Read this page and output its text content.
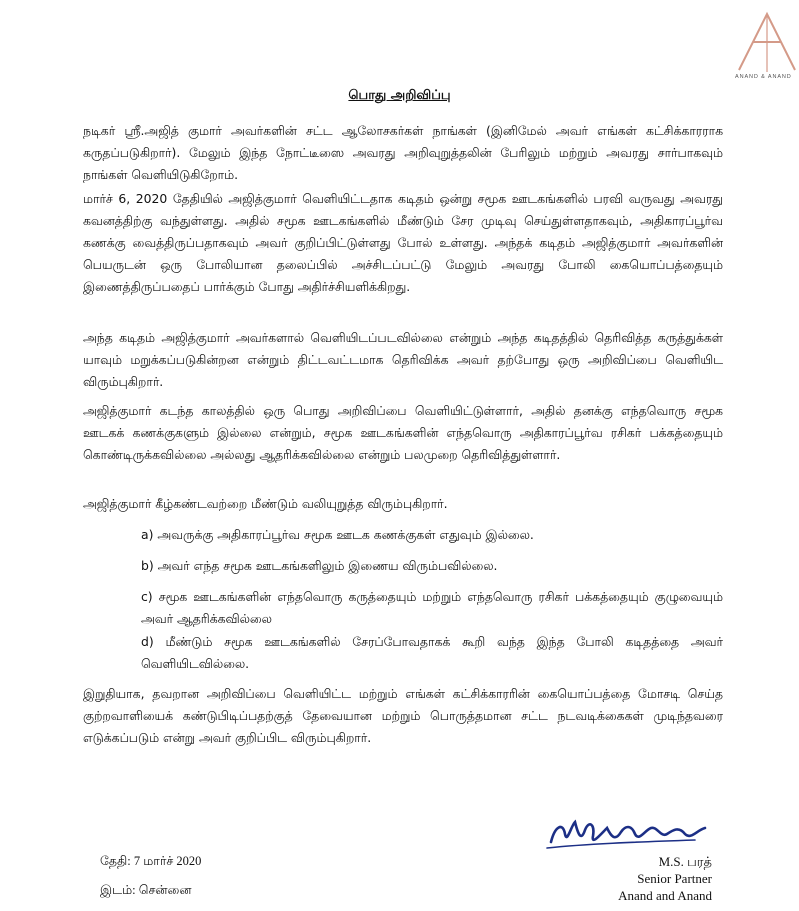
ANAND & ANAND
பொது அறிவிப்பு
நடிகர் ஸ்ரீ.அஜித் குமார் அவர்களின் சட்ட ஆலோசகர்கள் நாங்கள் (இனிமேல் அவர் எங்கள் கட்சிக்காரராக கருதப்படுகிறார்). மேலும் இந்த நோட்டீஸை அவரது அறிவுறுத்தலின் பேரிலும் மற்றும் அவரது சார்பாகவும் நாங்கள் வெளியிடுகிறோம்.
மார்ச் 6, 2020 தேதியில் அஜித்குமார் வெளியிட்டதாக கடிதம் ஒன்று சமூக ஊடகங்களில் பரவி வருவது அவரது கவனத்திற்கு வந்துள்ளது. அதில் சமூக ஊடகங்களில் மீண்டும் சேர முடிவு செய்துள்ளதாகவும், அதிகாரப்பூர்வ கணக்கு வைத்திருப்பதாகவும் அவர் குறிப்பிட்டுள்ளது போல் உள்ளது. அந்தக் கடிதம் அஜித்குமார் அவர்களின் பெயருடன் ஒரு போலியான தலைப்பில் அச்சிடப்பட்டு மேலும் அவரது போலி கையொப்பத்தையும் இணைத்திருப்பதைப் பார்க்கும் போது அதிர்ச்சியளிக்கிறது.
அந்த கடிதம் அஜித்குமார் அவர்களால் வெளியிடப்படவில்லை என்றும் அந்த கடிதத்தில் தெரிவித்த கருத்துக்கள் யாவும் மறுக்கப்படுகின்றன என்றும் திட்டவட்டமாக தெரிவிக்க அவர் தற்போது ஒரு அறிவிப்பை வெளியிட விரும்புகிறார்.
அஜித்குமார் கடந்த காலத்தில் ஒரு பொது அறிவிப்பை வெளியிட்டுள்ளார், அதில் தனக்கு எந்தவொரு சமூக ஊடகக் கணக்குகளும் இல்லை என்றும், சமூக ஊடகங்களின் எந்தவொரு அதிகாரப்பூர்வ ரசிகர் பக்கத்தையும் கொண்டிருக்கவில்லை அல்லது ஆதரிக்கவில்லை என்றும் பலமுறை தெரிவித்துள்ளார்.
அஜித்குமார் கீழ்கண்டவற்றை மீண்டும் வலியுறுத்த விரும்புகிறார்.
a) அவருக்கு அதிகாரப்பூர்வ சமூக ஊடக கணக்குகள் எதுவும் இல்லை.
b) அவர் எந்த சமூக ஊடகங்களிலும் இணைய விரும்பவில்லை.
c) சமூக ஊடகங்களின் எந்தவொரு கருத்தையும் மற்றும் எந்தவொரு ரசிகர் பக்கத்தையும் குழுவையும் அவர் ஆதரிக்கவில்லை
d) மீண்டும் சமூக ஊடகங்களில் சேரப்போவதாகக் கூறி வந்த இந்த போலி கடிதத்தை அவர் வெளியிடவில்லை.
இறுதியாக, தவறான அறிவிப்பை வெளியிட்ட மற்றும் எங்கள் கட்சிக்காரரின் கையொப்பத்தை மோசடி செய்த குற்றவாளியைக் கண்டுபிடிப்பதற்குத் தேவையான மற்றும் பொருத்தமான சட்ட நடவடிக்கைகள் முடிந்தவரை எடுக்கப்படும் என்று அவர் குறிப்பிட விரும்புகிறார்.
M.S. பரத்
Senior Partner
Anand and Anand
தேதி: 7 மார்ச் 2020
இடம்: சென்னை
